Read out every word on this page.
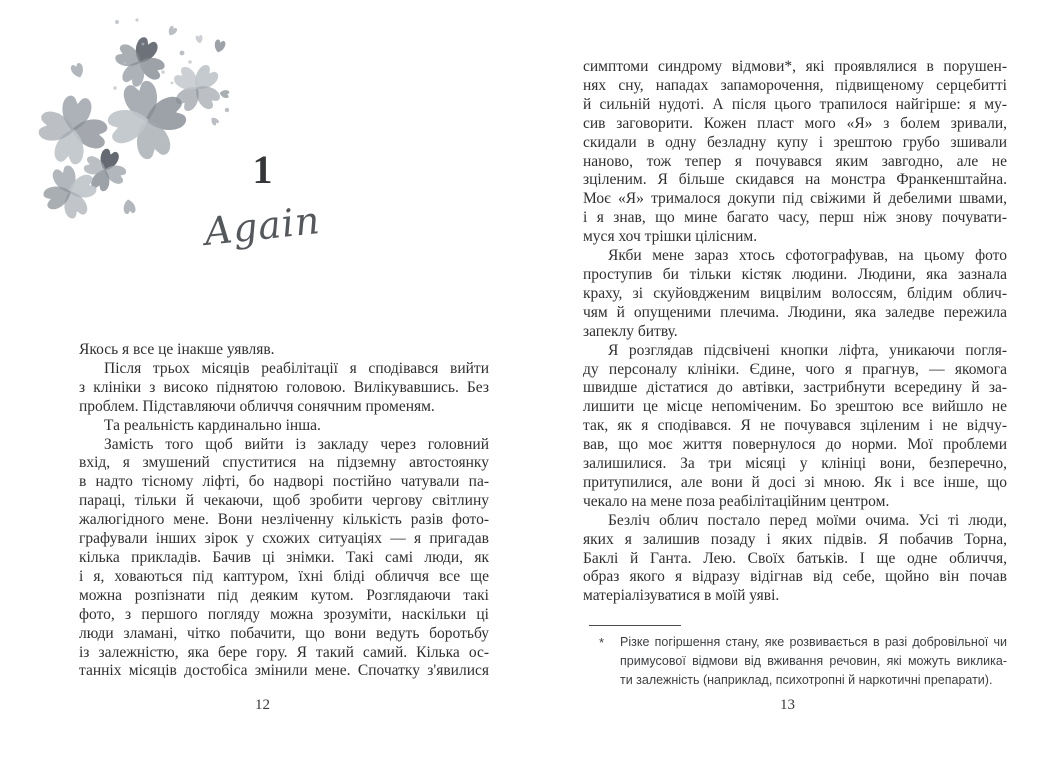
1
Again
Якось я все це інакше уявляв.
Після трьох місяців реабілітації я сподівався вийти
з клініки з високо піднятою головою. Вилікувавшись. Без
проблем. Підставляючи обличчя сонячним променям.
Та реальність кардинально інша.
Замість того щоб вийти із закладу через головний
вхід, я змушений спуститися на підземну автостоянку
в надто тісному ліфті, бо надворі постійно чатували па-
параці, тільки й чекаючи, щоб зробити чергову світлину
жалюгідного мене. Вони незліченну кількість разів фото-
графували інших зірок у схожих ситуаціях — я пригадав
кілька прикладів. Бачив ці знімки. Такі самі люди, як
і я, ховаються під каптуром, їхні бліді обличчя все ще
можна розпізнати під деяким кутом. Розглядаючи такі
фото, з першого погляду можна зрозуміти, наскільки ці
люди зламані, чітко побачити, що вони ведуть боротьбу
із залежністю, яка бере гору. Я такий самий. Кілька ос-
танніх місяців достобіса змінили мене. Спочатку з'явилися
12
симптоми синдрому відмови*, які проявлялися в порушен-
нях сну, нападах запаморочення, підвищеному серцебитті
й сильній нудоті. А після цього трапилося найгірше: я му-
сив заговорити. Кожен пласт мого «Я» з болем зривали,
скидали в одну безладну купу і зрештою грубо зшивали
наново, тож тепер я почувався яким завгодно, але не
зціленим. Я більше скидався на монстра Франкенштайна.
Моє «Я» трималося докупи під свіжими й дебелими швами,
і я знав, що мине багато часу, перш ніж знову почувати-
муся хоч трішки цілісним.
Якби мене зараз хтось сфотографував, на цьому фото
проступив би тільки кістяк людини. Людини, яка зазнала
краху, зі скуйовдженим вицвілим волоссям, блідим облич-
чям й опущеними плечима. Людини, яка заледве пережила
запеклу битву.
Я розглядав підсвічені кнопки ліфта, уникаючи погля-
ду персоналу клініки. Єдине, чого я прагнув, — якомога
швидше дістатися до автівки, застрибнути всередину й за-
лишити це місце непоміченим. Бо зрештою все вийшло не
так, як я сподівався. Я не почувався зціленим і не відчу-
вав, що моє життя повернулося до норми. Мої проблеми
залишилися. За три місяці у клініці вони, безперечно,
притупилися, але вони й досі зі мною. Як і все інше, що
чекало на мене поза реабілітаційним центром.
Безліч облич постало перед моїми очима. Усі ті люди,
яких я залишив позаду і яких підвів. Я побачив Торна,
Баклі й Ганта. Лею. Своїх батьків. І ще одне обличчя,
образ якого я відразу відігнав від себе, щойно він почав
матеріалізуватися в моїй уяві.
*	Різке погіршення стану, яке розвивається в разі добровільної чи
примусової відмови від вживання речовин, які можуть виклика-
ти залежність (наприклад, психотропні й наркотичні препарати).
13
